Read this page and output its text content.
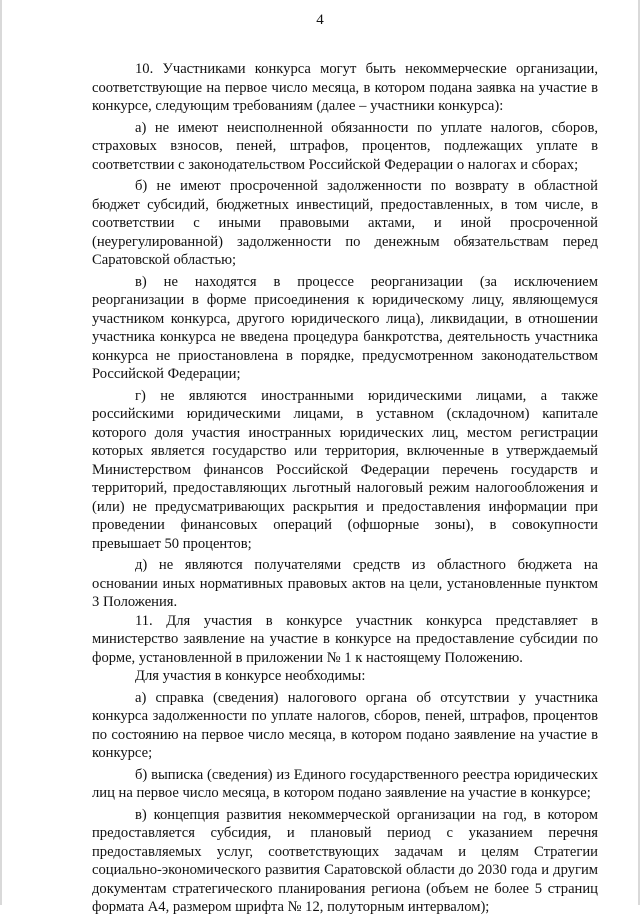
4

10. Участниками конкурса могут быть некоммерческие организации, соответствующие на первое число месяца, в котором подана заявка на участие в конкурсе, следующим требованиям (далее – участники конкурса):

а) не имеют неисполненной обязанности по уплате налогов, сборов, страховых взносов, пеней, штрафов, процентов, подлежащих уплате в соответствии с законодательством Российской Федерации о налогах и сборах;

б) не имеют просроченной задолженности по возврату в областной бюджет субсидий, бюджетных инвестиций, предоставленных, в том числе, в соответствии с иными правовыми актами, и иной просроченной (неурегулированной) задолженности по денежным обязательствам перед Саратовской областью;

в) не находятся в процессе реорганизации (за исключением реорганизации в форме присоединения к юридическому лицу, являющемуся участником конкурса, другого юридического лица), ликвидации, в отношении участника конкурса не введена процедура банкротства, деятельность участника конкурса не приостановлена в порядке, предусмотренном законодательством Российской Федерации;

г) не являются иностранными юридическими лицами, а также российскими юридическими лицами, в уставном (складочном) капитале которого доля участия иностранных юридических лиц, местом регистрации которых является государство или территория, включенные в утверждаемый Министерством финансов Российской Федерации перечень государств и территорий, предоставляющих льготный налоговый режим налогообложения и (или) не предусматривающих раскрытия и предоставления информации при проведении финансовых операций (офшорные зоны), в совокупности превышает 50 процентов;

д) не являются получателями средств из областного бюджета на основании иных нормативных правовых актов на цели, установленные пунктом 3 Положения.

11. Для участия в конкурсе участник конкурса представляет в министерство заявление на участие в конкурсе на предоставление субсидии по форме, установленной в приложении № 1 к настоящему Положению.

Для участия в конкурсе необходимы:

а) справка (сведения) налогового органа об отсутствии у участника конкурса задолженности по уплате налогов, сборов, пеней, штрафов, процентов по состоянию на первое число месяца, в котором подано заявление на участие в конкурсе;

б) выписка (сведения) из Единого государственного реестра юридических лиц на первое число месяца, в котором подано заявление на участие в конкурсе;

в) концепция развития некоммерческой организации на год, в котором предоставляется субсидия, и плановый период с указанием перечня предоставляемых услуг, соответствующих задачам и целям Стратегии социально-экономического развития Саратовской области до 2030 года и другим документам стратегического планирования региона (объем не более 5 страниц формата А4, размером шрифта № 12, полуторным интервалом);
